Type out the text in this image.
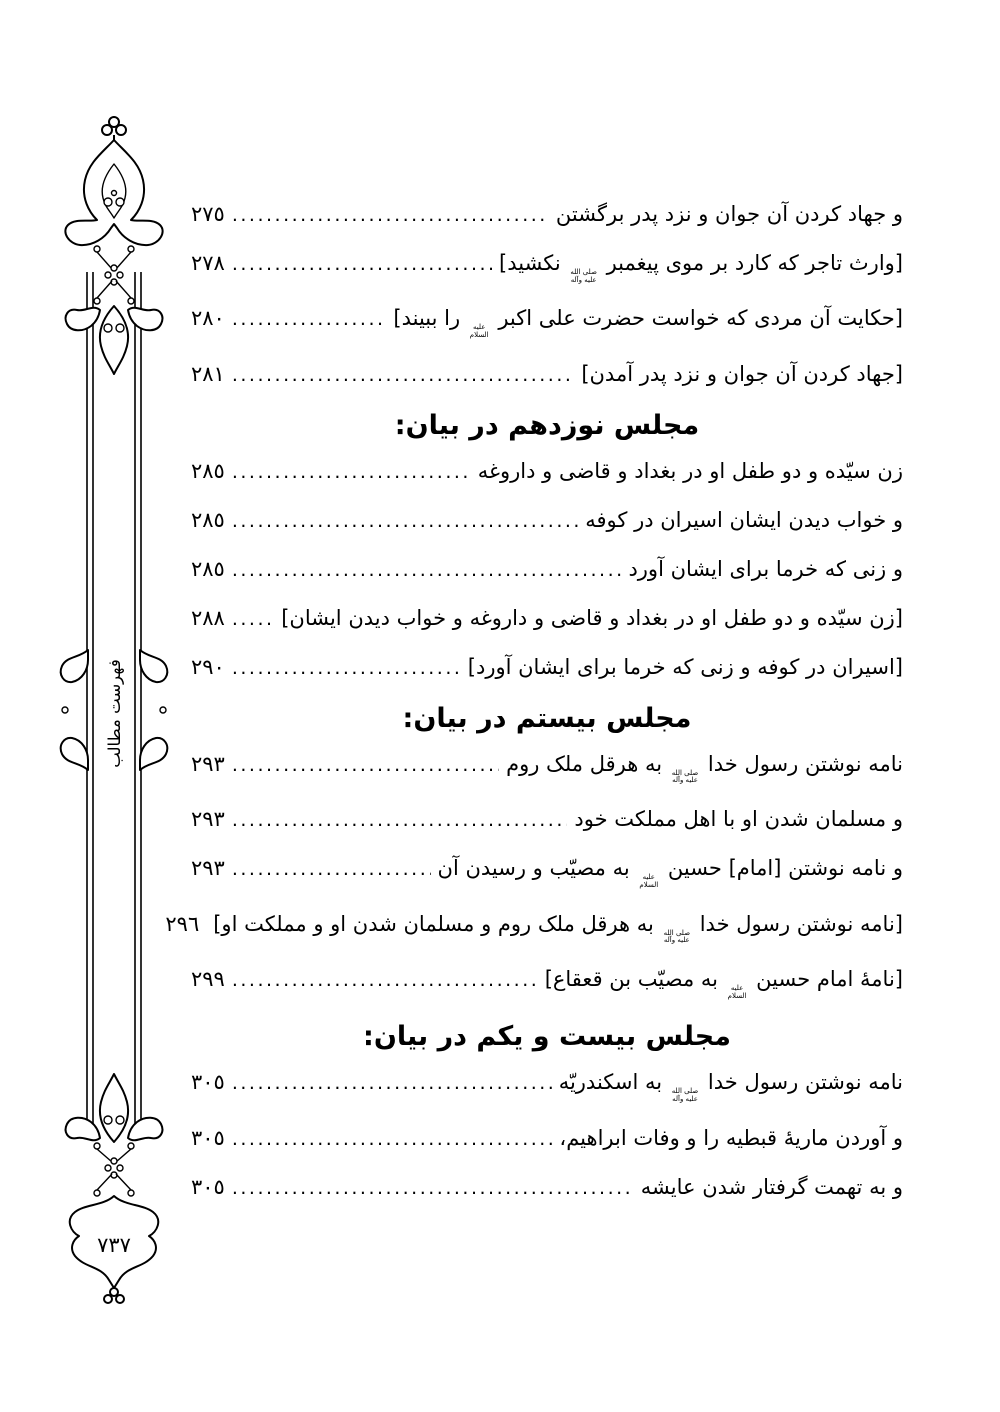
٧٣٧
فهرست مطالب
و جهاد کردن آن جوان و نزد پدر برگشتن
.....
٢٧٥
[وارث تاجر که کارد بر موی پیغمبر
صلی الله
علیه وآله
نکشید]
.....
٢٧٨
[حکایت آن مردی که خواست حضرت علی اکبر
علیه
السلام
را ببیند]
.....
٢٨٠
[جهاد کردن آن جوان و نزد پدر آمدن]
.....
٢٨١
مجلس نوزدهم در بیان:
زن سیّده و دو طفل او در بغداد و قاضی و داروغه
.....
٢٨٥
و خواب دیدن ایشان اسیران در کوفه
.....
٢٨٥
و زنی که خرما برای ایشان آورد
.....
٢٨٥
[زن سیّده و دو طفل او در بغداد و قاضی و داروغه و خواب دیدن ایشان]
.....
٢٨٨
[اسیران در کوفه و زنی که خرما برای ایشان آورد]
.....
٢٩٠
مجلس بیستم در بیان:
نامه نوشتن رسول خدا
صلی الله
علیه وآله
به هرقل ملک روم
.....
٢٩٣
و مسلمان شدن او با اهل مملکت خود
.....
٢٩٣
و نامه نوشتن [امام] حسین
علیه
السلام
به مصیّب و رسیدن آن
.....
٢٩٣
[نامه نوشتن رسول خدا
صلی الله
علیه وآله
به هرقل ملک روم و مسلمان شدن او و مملکت او]
٢٩٦
[نامهٔ امام حسین
علیه
السلام
به مصیّب بن قعقاع]
.....
٢٩٩
مجلس بیست و یکم در بیان:
نامه نوشتن رسول خدا
صلی الله
علیه وآله
به اسکندریّه
.....
٣٠٥
و آوردن ماریهٔ قبطیه را و وفات ابراهیم،
.....
٣٠٥
و به تهمت گرفتار شدن عایشه
.....
٣٠٥
